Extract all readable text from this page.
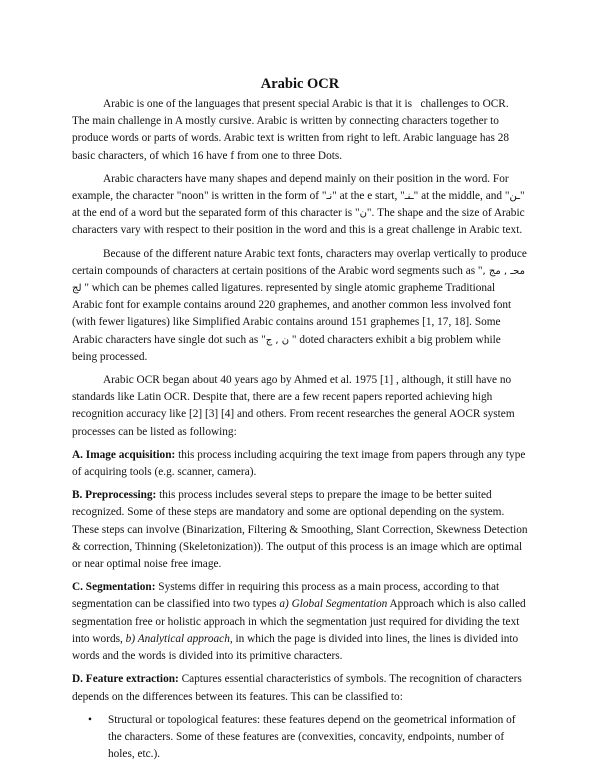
Arabic OCR

Arabic is one of the languages that present special Arabic is that it is   challenges to OCR. The main challenge in A mostly cursive. Arabic is written by connecting characters together to produce words or parts of words. Arabic text is written from right to left. Arabic language has 28 basic characters, of which 16 have f from one to three Dots.

Arabic characters have many shapes and depend mainly on their position in the word. For example, the character "noon" is written in the form of "نـ" at the e start, "ـنـ" at the middle, and "ـن" at the end of a word but the separated form of this character is "ن". The shape and the size of Arabic characters vary with respect to their position in the word and this is a great challenge in Arabic text.

Because of the different nature Arabic text fonts, characters may overlap vertically to produce certain compounds of characters at certain positions of the Arabic word segments such as "محـ , مج , لج " which can be phemes called ligatures. represented by single atomic grapheme Traditional Arabic font for example contains around 220 graphemes, and another common less involved font (with fewer ligatures) like Simplified Arabic contains around 151 graphemes [1, 17, 18]. Some Arabic characters have single dot such as "ن , ج " doted characters exhibit a big problem while being processed.

Arabic OCR began about 40 years ago by Ahmed et al. 1975 [1] , although, it still have no standards like Latin OCR. Despite that, there are a few recent papers reported achieving high recognition accuracy like [2] [3] [4] and others. From recent researches the general AOCR system processes can be listed as following:

A. Image acquisition: this process including acquiring the text image from papers through any type of acquiring tools (e.g. scanner, camera).

B. Preprocessing: this process includes several steps to prepare the image to be better suited recognized. Some of these steps are mandatory and some are optional depending on the system. These steps can involve (Binarization, Filtering & Smoothing, Slant Correction, Skewness Detection & correction, Thinning (Skeletonization)). The output of this process is an image which are optimal or near optimal noise free image.

C. Segmentation: Systems differ in requiring this process as a main process, according to that segmentation can be classified into two types a) Global Segmentation Approach which is also called segmentation free or holistic approach in which the segmentation just required for dividing the text into words, b) Analytical approach, in which the page is divided into lines, the lines is divided into words and the words is divided into its primitive characters.

D. Feature extraction: Captures essential characteristics of symbols. The recognition of characters depends on the differences between its features. This can be classified to:

• Structural or topological features: these features depend on the geometrical information of the characters. Some of these features are (convexities, concavity, endpoints, number of holes, etc.).
